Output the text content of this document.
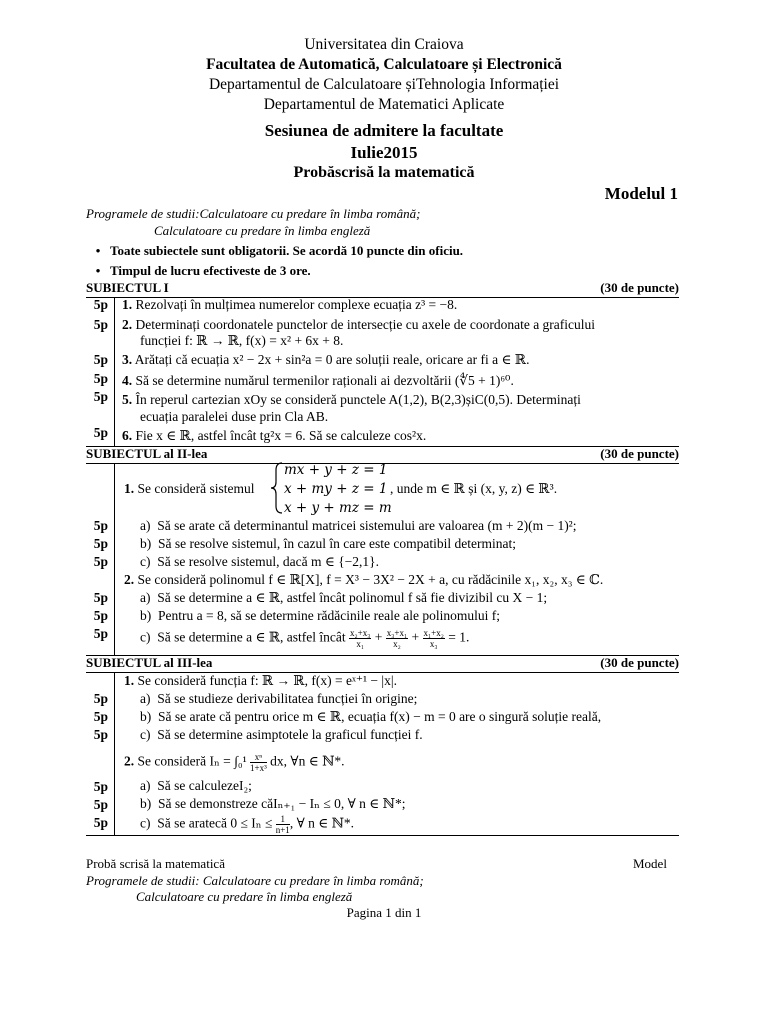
Universitatea din Craiova
Facultatea de Automatică, Calculatoare și Electronică
Departamentul de Calculatoare șiTehnologia Informației
Departamentul de Matematici Aplicate
Sesiunea de admitere la facultate
Iulie2015
Probăscrisă la matematică
Modelul 1
Programele de studii:Calculatoare cu predare în limba română;
Calculatoare cu predare în limba engleză
• Toate subiectele sunt obligatorii. Se acordă 10 puncte din oficiu.
• Timpul de lucru efectiveste de 3 ore.
SUBIECTUL I	(30 de puncte)
5p 1. Rezolvați în mulțimea numerelor complexe ecuația z³ = −8.
5p 2. Determinați coordonatele punctelor de intersecție cu axele de coordonate a graficului
funcției f: ℝ → ℝ, f(x) = x² + 6x + 8.
5p 3. Arătați că ecuația x² − 2x + sin²a = 0 are soluții reale, oricare ar fi a ∈ ℝ.
5p 4. Să se determine numărul termenilor raționali ai dezvoltării (∜5 + 1)⁶⁰.
5p 5. În reperul cartezian xOy se consideră punctele A(1,2), B(2,3)șiC(0,5). Determinați
ecuația paralelei duse prin Cla AB.
5p 6. Fie x ∈ ℝ, astfel încât tg²x = 6. Să se calculeze cos²x.
SUBIECTUL al II-lea	(30 de puncte)
1. Se consideră sistemul
mx + y + z = 1
x + my + z = 1
x + y + mz = m
, unde m ∈ ℝ și (x, y, z) ∈ ℝ³.
5p a) Să se arate că determinantul matricei sistemului are valoarea (m + 2)(m − 1)²;
5p b) Să se resolve sistemul, în cazul în care este compatibil determinat;
5p c) Să se resolve sistemul, dacă m ∈ {−2,1}.
2. Se consideră polinomul f ∈ ℝ[X], f = X³ − 3X² − 2X + a, cu rădăcinile x₁, x₂, x₃ ∈ ℂ.
5p a) Să se determine a ∈ ℝ, astfel încât polinomul f să fie divizibil cu X − 1;
5p b) Pentru a = 8, să se determine rădăcinile reale ale polinomului f;
5p c) Să se determine a ∈ ℝ, astfel încât $\frac{\text{x₂+x₃}}{\text{x₁}} + \frac{\text{x₃+x₁}}{\text{x₂}} + \frac{\text{x₁+x₂}}{\text{x₃}} = 1$.
SUBIECTUL al III-lea	(30 de puncte)
1. Se consideră funcția f: ℝ → ℝ, f(x) = eˣ⁺¹ − |x|.
5p a) Să se studieze derivabilitatea funcției în origine;
5p b) Să se arate că pentru orice m ∈ ℝ, ecuația f(x) − m = 0 are o singură soluție reală,
5p c) Să se determine asimptotele la graficul funcției f.
2. Se consideră $I_n = \int_0^1 \frac{\text{xⁿ}}{\text{1+x³}}$ dx, ∀n ∈ ℕ*.
5p a) Să se calculezeI₂;
5p b) Să se demonstreze căIₙ₊₁ − Iₙ ≤ 0, ∀ n ∈ ℕ*;
5p c) Să se aratecă $0 \le I_n \le \frac{1}{n+1}$ , ∀ n ∈ ℕ*.
Probă scrisă la matematică	Model
Programele de studii: Calculatoare cu predare în limba română;
Calculatoare cu predare în limba engleză
Pagina 1 din 1
